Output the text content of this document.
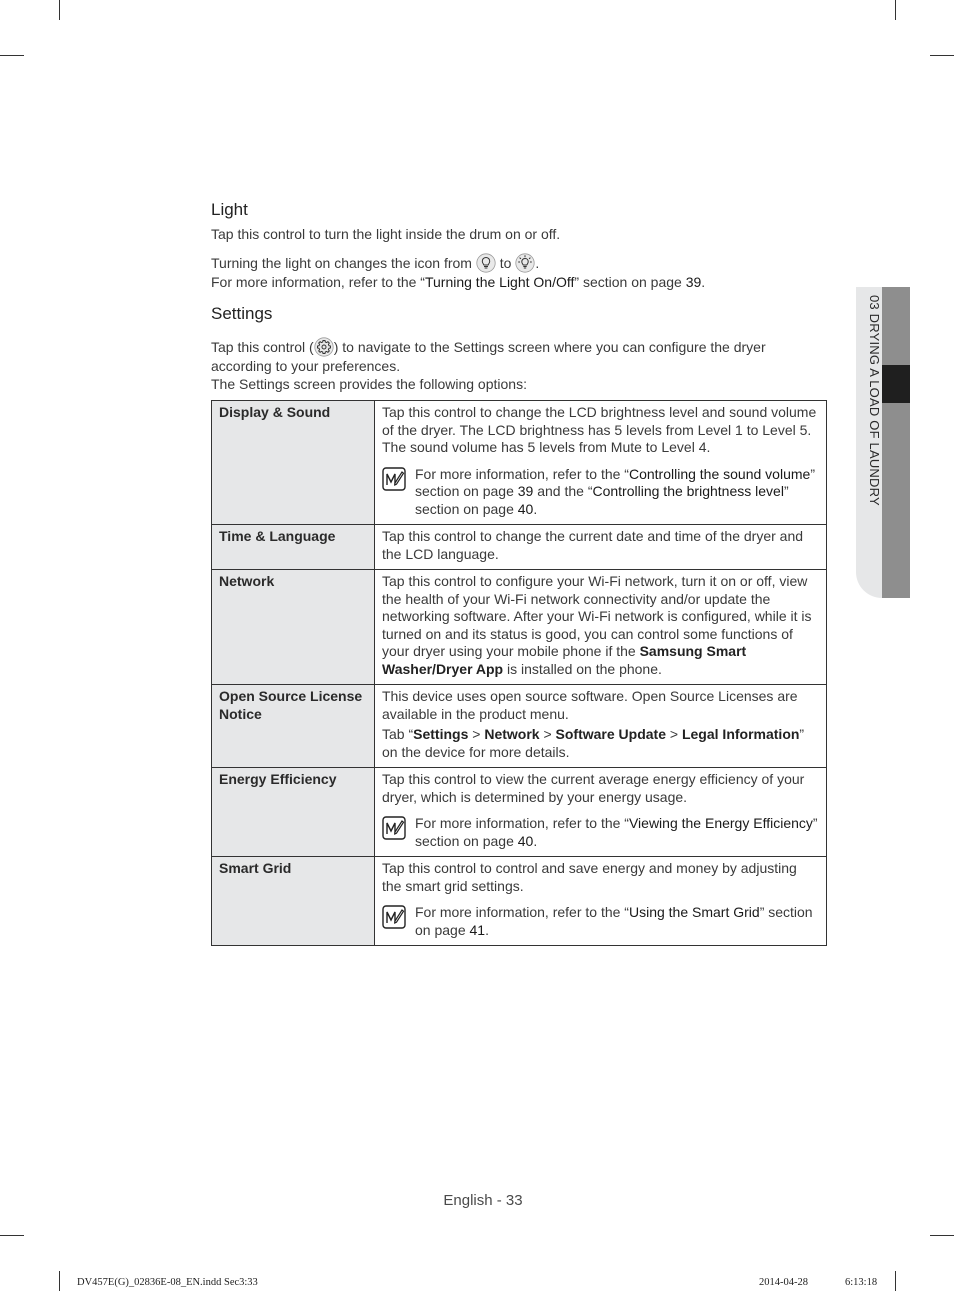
Light

Tap this control to turn the light inside the drum on or off.

Turning the light on changes the icon from to .

For more information, refer to the “Turning the Light On/Off” section on page 39.

Settings

Tap this control ( ) to navigate to the Settings screen where you can configure the dryer according to your preferences.

The Settings screen provides the following options:

Display & Sound	Tap this control to change the LCD brightness level and sound volume of the dryer. The LCD brightness has 5 levels from Level 1 to Level 5. The sound volume has 5 levels from Mute to Level 4.
For more information, refer to the “Controlling the sound volume” section on page 39 and the “Controlling the brightness level” section on page 40.

Time & Language	Tap this control to change the current date and time of the dryer and the LCD language.
Network	Tap this control to configure your Wi-Fi network, turn it on or off, view the health of your Wi-Fi network connectivity and/or update the networking software. After your Wi-Fi network is configured, while it is turned on and its status is good, you can control some functions of your dryer using your mobile phone if the Samsung Smart Washer/Dryer App is installed on the phone.
Open Source License Notice	This device uses open source software. Open Source Licenses are available in the product menu.
Tab “Settings > Network > Software Update > Legal Information” on the device for more details.

Energy Efficiency	Tap this control to view the current average energy efficiency of your dryer, which is determined by your energy usage.
For more information, refer to the “Viewing the Energy Efficiency” section on page 40.

Smart Grid	Tap this control to control and save energy and money by adjusting the smart grid settings.
For more information, refer to the “Using the Smart Grid” section on page 41.
03 DRYING A LOAD OF LAUNDRY
English - 33
DV457E(G)_02836E-08_EN.indd Sec3:33	2014-04-28	6:13:18
